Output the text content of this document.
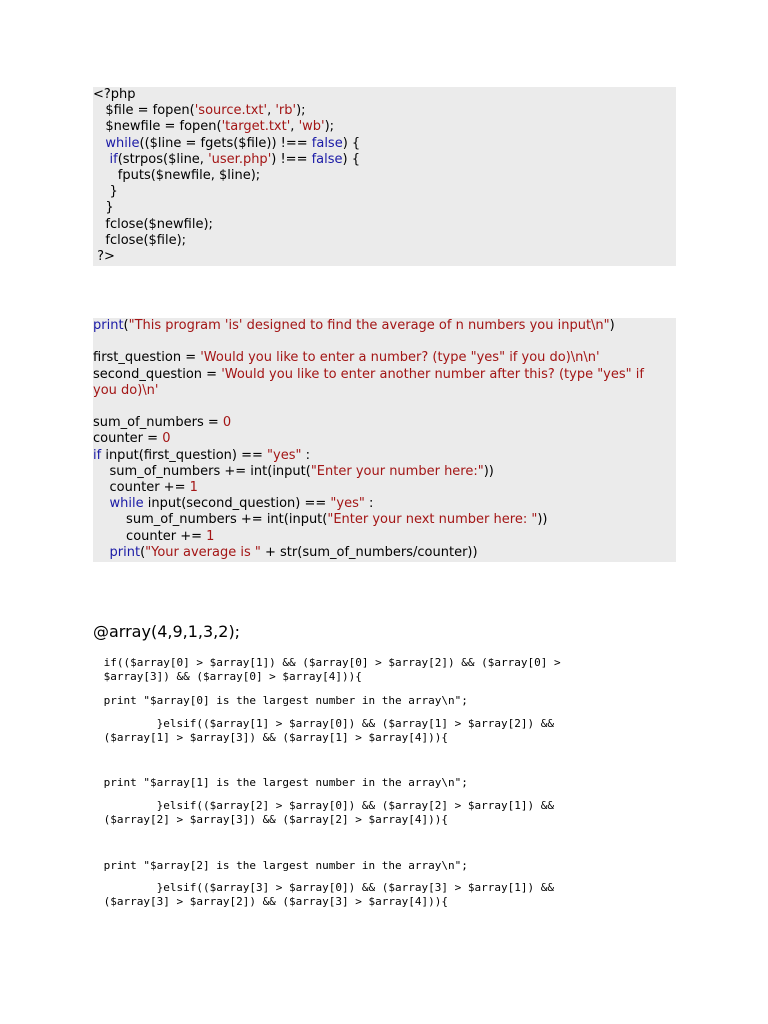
<?php
$file = fopen('source.txt', 'rb');
$newfile = fopen('target.txt', 'wb');
while(($line = fgets($file)) !== false) {
if(strpos($line, 'user.php') !== false) {
fputs($newfile, $line);
}
}
fclose($newfile);
fclose($file);
?>
print("This program 'is' designed to find the average of n numbers you input\n")
first_question = 'Would you like to enter a number? (type "yes" if you do)\n\n'
second_question = 'Would you like to enter another number after this? (type "yes" if
you do)\n'
sum_of_numbers = 0
counter = 0
if input(first_question) == "yes" :
sum_of_numbers += int(input("Enter your number here:"))
counter += 1
while input(second_question) == "yes" :
sum_of_numbers += int(input("Enter your next number here: "))
counter += 1
print("Your average is " + str(sum_of_numbers/counter))
@array(4,9,1,3,2);
if(($array[0] > $array[1]) && ($array[0] > $array[2]) && ($array[0] >
$array[3]) && ($array[0] > $array[4])){
print "$array[0] is the largest number in the array\n";
}elsif(($array[1] > $array[0]) && ($array[1] > $array[2]) &&
($array[1] > $array[3]) && ($array[1] > $array[4])){
print "$array[1] is the largest number in the array\n";
}elsif(($array[2] > $array[0]) && ($array[2] > $array[1]) &&
($array[2] > $array[3]) && ($array[2] > $array[4])){
print "$array[2] is the largest number in the array\n";
}elsif(($array[3] > $array[0]) && ($array[3] > $array[1]) &&
($array[3] > $array[2]) && ($array[3] > $array[4])){
